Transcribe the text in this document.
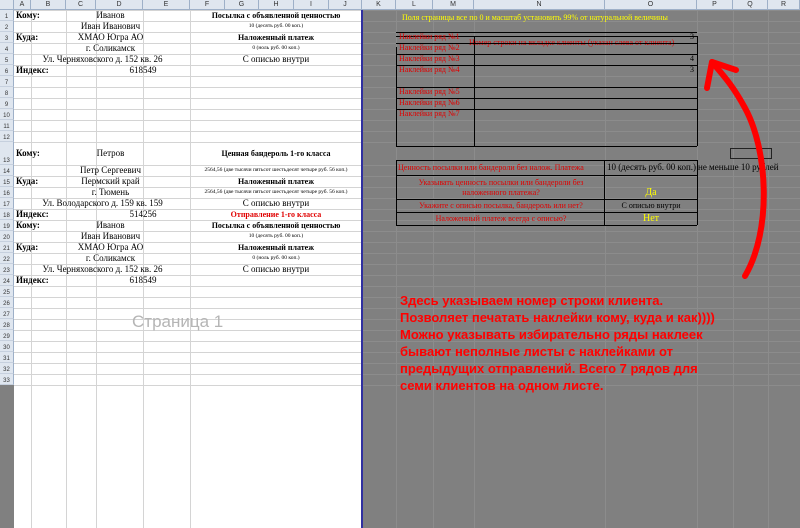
A	B	C	D	E	F	G	H	I	J	K	L	M	N	O	P	Q	R
1
2
3
4
5
6
7
8
9
10
11
12
13
14
15
16
17
18
19
20
21
22
23
24
25
26
27
28
29
30
31
32
33
Кому:	Иванов
Иван Иванович
Куда:	ХМАО Югра АО
г. Соликамск
Ул. Черняховского д. 152 кв. 26
Индекс:	618549
Посылка с объявленной ценностью
10 (десять руб. 00 коп.)
Наложенный платеж
0 (ноль руб. 00 коп.)
С описью внутри
Кому:	Петров
Петр Сергеевич
Куда:	Пермский край
г. Тюмень
Ул. Володарского д. 159 кв. 159
Индекс:	514256
Ценная бандероль 1-го класса
2564,56 (две тысячи пятьсот шестьдесят четыре руб. 56 коп.)
Наложенный платеж
2564,56 (две тысячи пятьсот шестьдесят четыре руб. 56 коп.)
С описью внутри
Отправление 1-го класса
Кому:	Иванов
Иван Иванович
Куда:	ХМАО Югра АО
г. Соликамск
Ул. Черняховского д. 152 кв. 26
Индекс:	618549
Посылка с объявленной ценностью
10 (десять руб. 00 коп.)
Наложенный платеж
0 (ноль руб. 00 коп.)
С описью внутри
Страница 1
Поля страницы все по 0 и масштаб установить 99% от натуральной величины
Номер строки на вкладке клиенты (указан слева от клиента)
Наклейки ряд №1	3
Наклейки ряд №2
Наклейки ряд №3	4
Наклейки ряд №4	3
Наклейки ряд №5
Наклейки ряд №6
Наклейки ряд №7
Ценность посылки или бандероли без налож. Платежа	10 (десять руб. 00 коп.) не меньше 10 рублей
Указывать ценность посылки или бандероли без наложенного платежа?	Да
Укажите с описью посылка, бандероль или нет?	С описью внутри
Наложенный платеж всегда с описью?	Нет
Здесь указываем номер строки клиента.
Позволяет печатать наклейки кому, куда и как))))
Можно указывать избирательно ряды наклеек
бывают неполные листы с наклейками от
предыдущих отправлений. Всего 7 рядов для
семи клиентов на одном листе.
